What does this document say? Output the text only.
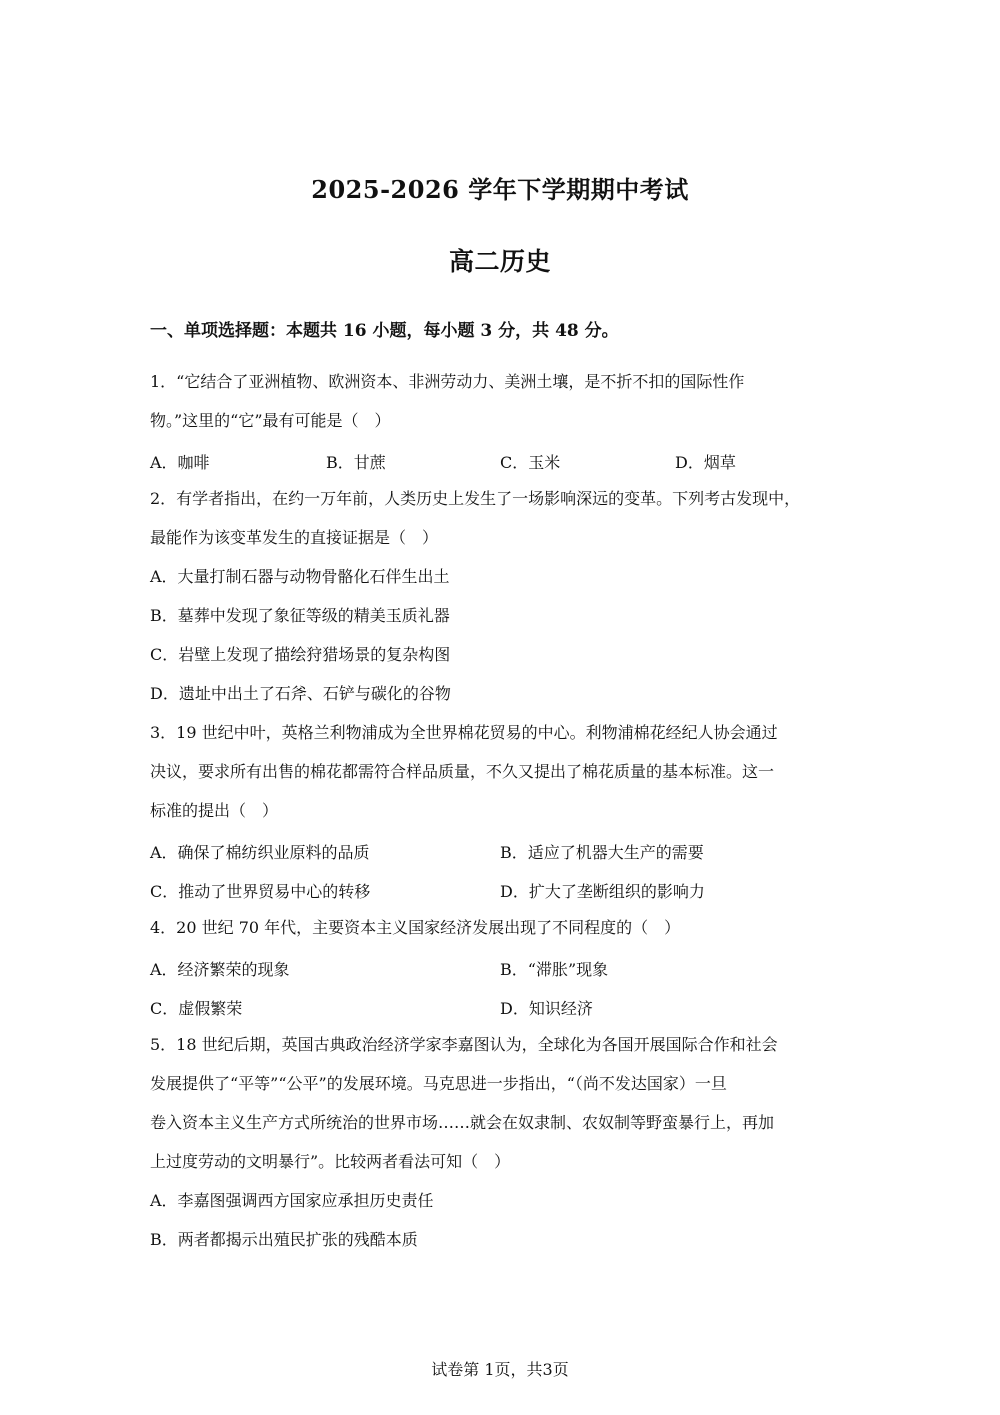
2025-2026 学年下学期期中考试
高二历史
一、单项选择题：本题共 16 小题，每小题 3 分，共 48 分。
1．“它结合了亚洲植物、欧洲资本、非洲劳动力、美洲土壤，是不折不扣的国际性作
物。”这里的“它”最有可能是（　）
A．咖啡	B．甘蔗	C．玉米	D．烟草
2．有学者指出，在约一万年前，人类历史上发生了一场影响深远的变革。下列考古发现中，
最能作为该变革发生的直接证据是（　）
A．大量打制石器与动物骨骼化石伴生出土
B．墓葬中发现了象征等级的精美玉质礼器
C．岩壁上发现了描绘狩猎场景的复杂构图
D．遗址中出土了石斧、石铲与碳化的谷物
3．19 世纪中叶，英格兰利物浦成为全世界棉花贸易的中心。利物浦棉花经纪人协会通过
决议，要求所有出售的棉花都需符合样品质量，不久又提出了棉花质量的基本标准。这一
标准的提出（　）
A．确保了棉纺织业原料的品质	B．适应了机器大生产的需要
C．推动了世界贸易中心的转移	D．扩大了垄断组织的影响力
4．20 世纪 70 年代，主要资本主义国家经济发展出现了不同程度的（　）
A．经济繁荣的现象	B．“滞胀”现象
C．虚假繁荣	D．知识经济
5．18 世纪后期，英国古典政治经济学家李嘉图认为，全球化为各国开展国际合作和社会
发展提供了“平等”“公平”的发展环境。马克思进一步指出，“（尚不发达国家）一旦
卷入资本主义生产方式所统治的世界市场……就会在奴隶制、农奴制等野蛮暴行上，再加
上过度劳动的文明暴行”。比较两者看法可知（　）
A．李嘉图强调西方国家应承担历史责任
B．两者都揭示出殖民扩张的残酷本质
试卷第 1页，共3页
